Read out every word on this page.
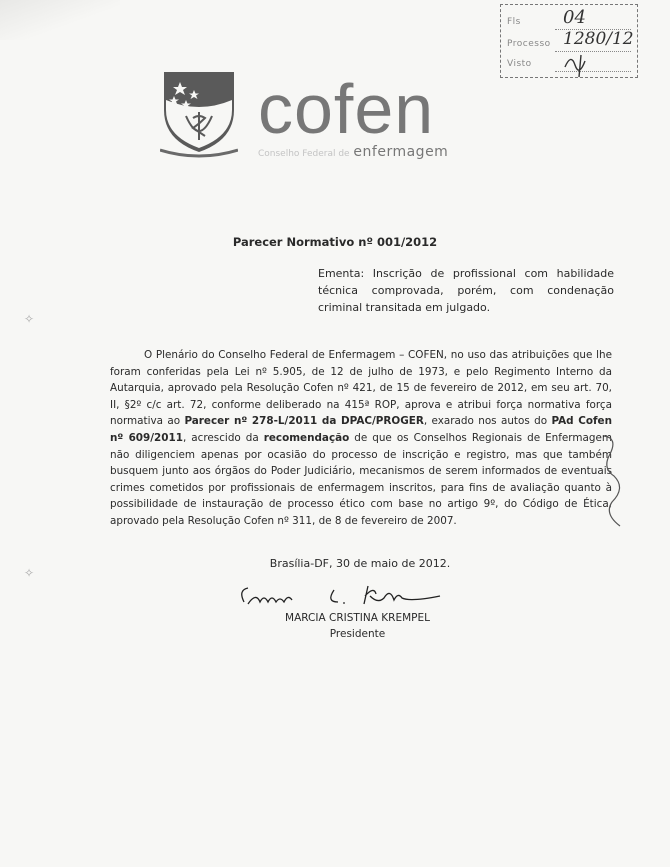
Fls	04
Processo 1280/12
Visto
cofen
Conselho Federal de enfermagem
Parecer Normativo nº 001/2012
Ementa: Inscrição de profissional com habilidade técnica comprovada, porém, com condenação criminal transitada em julgado.

O Plenário do Conselho Federal de Enfermagem – COFEN, no uso das atribuições que lhe foram conferidas pela Lei nº 5.905, de 12 de julho de 1973, e pelo Regimento Interno da Autarquia, aprovado pela Resolução Cofen nº 421, de 15 de fevereiro de 2012, em seu art. 70, II, §2º c/c art. 72, conforme deliberado na 415ª ROP, aprova e atribui força normativa força normativa ao Parecer nº 278-L/2011 da DPAC/PROGER, exarado nos autos do PAd Cofen nº 609/2011, acrescido da recomendação de que os Conselhos Regionais de Enfermagem não diligenciem apenas por ocasião do processo de inscrição e registro, mas que também busquem junto aos órgãos do Poder Judiciário, mecanismos de serem informados de eventuais crimes cometidos por profissionais de enfermagem inscritos, para fins de avaliação quanto à possibilidade de instauração de processo ético com base no artigo 9º, do Código de Ética, aprovado pela Resolução Cofen nº 311, de 8 de fevereiro de 2007.

Brasília-DF, 30 de maio de 2012.
MARCIA CRISTINA KREMPEL
Presidente
✧
✧
